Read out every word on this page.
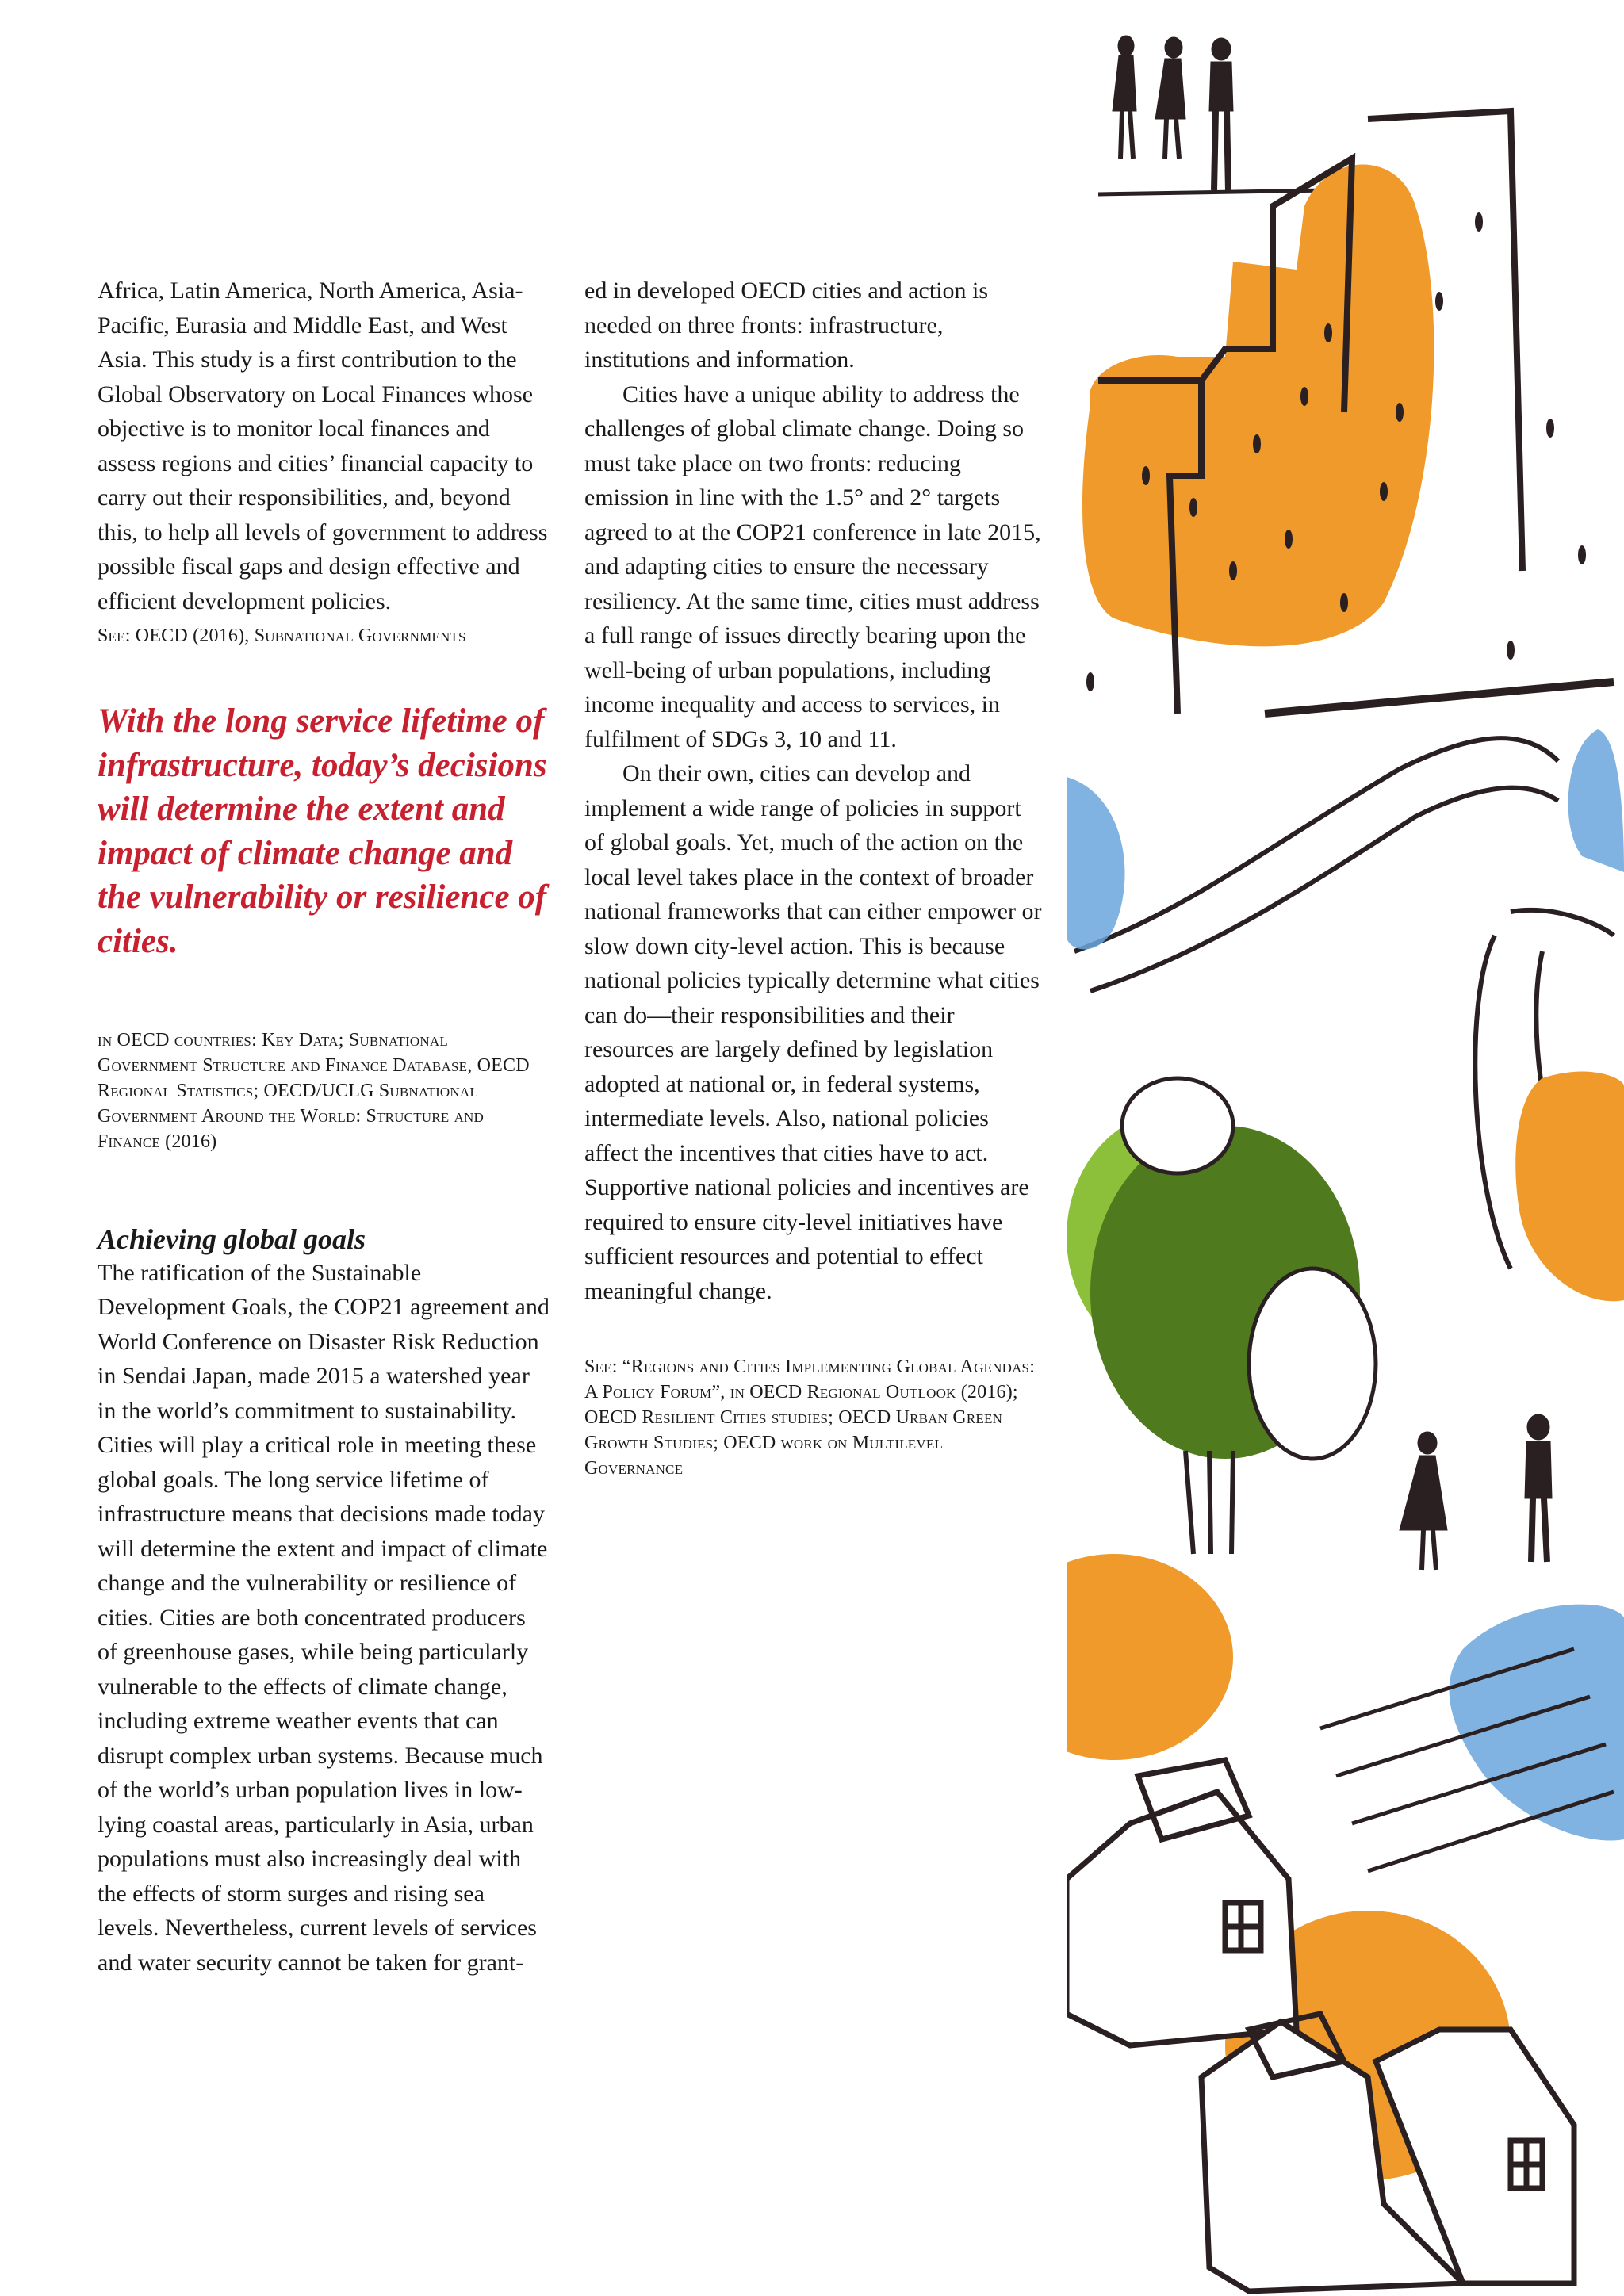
Africa, Latin America, North America, Asia-Pacific, Eurasia and Middle East, and West Asia. This study is a first contribution to the Global Observatory on Local Finances whose objective is to monitor local finances and assess regions and cities’ financial capacity to carry out their responsibilities, and, beyond this, to help all levels of government to address possible fiscal gaps and design effective and efficient development policies.

See: OECD (2016), Subnational Governments

With the long service lifetime of infrastructure, today’s decisions will determine the extent and impact of climate change and the vulnerability or resilience of cities.

in OECD countries: Key Data; Subnational Government Structure and Finance Database, OECD Regional Statistics; OECD/UCLG Subnational Government Around the World: Structure and Finance (2016)

Achieving global goals

The ratification of the Sustainable Development Goals, the COP21 agreement and World Conference on Disaster Risk Reduction in Sendai Japan, made 2015 a watershed year in the world’s commitment to sustainability. Cities will play a critical role in meeting these global goals. The long service lifetime of infrastructure means that decisions made today will determine the extent and impact of climate change and the vulnerability or resilience of cities. Cities are both concentrated producers of greenhouse gases, while being particularly vulnerable to the effects of climate change, including extreme weather events that can disrupt complex urban systems. Because much of the world’s urban population lives in low-lying coastal areas, particularly in Asia, urban populations must also increasingly deal with the effects of storm surges and rising sea levels. Nevertheless, current levels of services and water security cannot be taken for grant-

ed in developed OECD cities and action is needed on three fronts: infrastructure, institutions and information.

Cities have a unique ability to address the challenges of global climate change. Doing so must take place on two fronts: reducing emission in line with the 1.5° and 2° targets agreed to at the COP21 conference in late 2015, and adapting cities to ensure the necessary resiliency. At the same time, cities must address a full range of issues directly bearing upon the well-being of urban populations, including income inequality and access to services, in fulfilment of SDGs 3, 10 and 11.

On their own, cities can develop and implement a wide range of policies in support of global goals. Yet, much of the action on the local level takes place in the context of broader national frameworks that can either empower or slow down city-level action. This is because national policies typically determine what cities can do—their responsibilities and their resources are largely defined by legislation adopted at national or, in federal systems, intermediate levels. Also, national policies affect the incentives that cities have to act. Supportive national policies and incentives are required to ensure city-level initiatives have sufficient resources and potential to effect meaningful change.

See: “Regions and Cities Implementing Global Agendas: A Policy Forum”, in OECD Regional Outlook (2016); OECD Resilient Cities studies; OECD Urban Green Growth Studies; OECD work on Multilevel Governance
